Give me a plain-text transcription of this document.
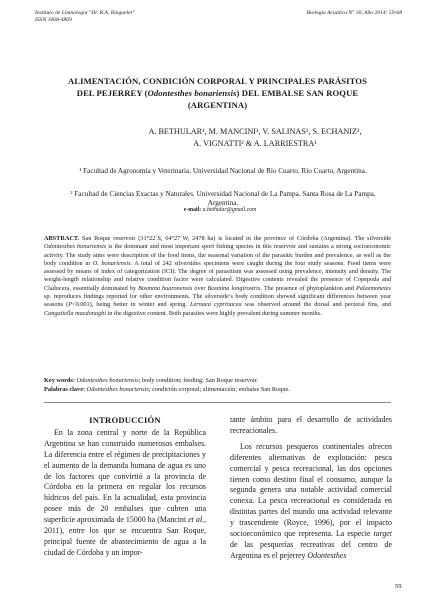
Instituto de Limnología "Dr. R.A. Ringuelet"
ISSN 1668-4869
Biología Acuática N° 30, Año 2014: 59-68
ALIMENTACIÓN, CONDICIÓN CORPORAL Y PRINCIPALES PARÁSITOS
DEL PEJERREY (Odontesthes bonariensis) DEL EMBALSE SAN ROQUE
(ARGENTINA)
A. BETHULAR¹, M. MANCINI¹, V. SALINAS¹, S. ECHANIZ²,
A. VIGNATTI² & A. LARRIESTRA¹
¹ Facultad de Agronomía y Veterinaria. Universidad Nacional de Río Cuarto. Río Cuarto, Argentina.
² Facultad de Ciencias Exactas y Naturales. Universidad Nacional de La Pampa. Santa Rosa de La Pampa, Argentina.
e-mail: a.bethular@gmail.com
ABSTRACT. San Roque reservoir (31°22´S, 64°27´W, 2478 ha) is located in the province of Córdoba (Argentina). The silverside Odontesthes bonariensis is the dominant and most important sport fishing species in this reservoir and sustains a strong socioeconomic activity. The study aims were description of the food items, the seasonal variation of the parasitic burden and prevalence, as well as the body condition in O. bonariensis. A total of 242 silversides specimens were caught during the four study seasons. Food items were assessed by means of index of categorization (ICI). The degree of parasitism was assessed using prevalence, intensity and density. The weight-length relationship and relative condition factor were calculated. Digestive contents revealed the presence of Copepoda and Cladocera, essentially dominated by Bosmina huaronensis over Bosmina longirostris. The presence of phytoplankton and Palaemonetes sp. reproduces findings reported for other environments. The silverside’s body condition showed significant differences between year seasons (P<0.001), being better in winter and spring. Lernaea cyprinacea was observed around the dorsal and pectoral fins, and Cangatiella macdonaghi in the digestive content. Both parasites were highly prevalent during summer months.
Key words: Odontesthes bonariensis; body condition; feeding; San Roque reservoir.
Palabras clave: Odontesthes bonariensis; condición corporal; alimentación; embalse San Roque.
INTRODUCCIÓN

En la zona central y norte de la República Argentina se han construido numerosos embalses. La diferencia entre el régimen de precipitaciones y el aumento de la demanda humana de agua es uno de los factores que convirtió a la provincia de Córdoba en la primera en regular los recursos hídricos del país. En la actualidad, esta provincia posee más de 20 embalses que cubren una superficie aproximada de 15000 ha (Mancini et al., 2011), entre los que se encuentra San Roque, principal fuente de abastecimiento de agua a la ciudad de Córdoba y un impor-

tante ámbito para el desarrollo de actividades recreacionales.

Los recursos pesqueros continentales ofrecen diferentes alternativas de explotación: pesca comercial y pesca recreacional, las dos opciones tienen como destino final el consumo, aunque la segunda genera una notable actividad comercial conexa. La pesca recreacional es considerada en distintas partes del mundo una actividad relevante y trascendente (Royce, 1996), por el impacto socioeconómico que representa. La especie target de las pesquerías recreativas del centro de Argentina es el pejerrey Odontesthes

59
